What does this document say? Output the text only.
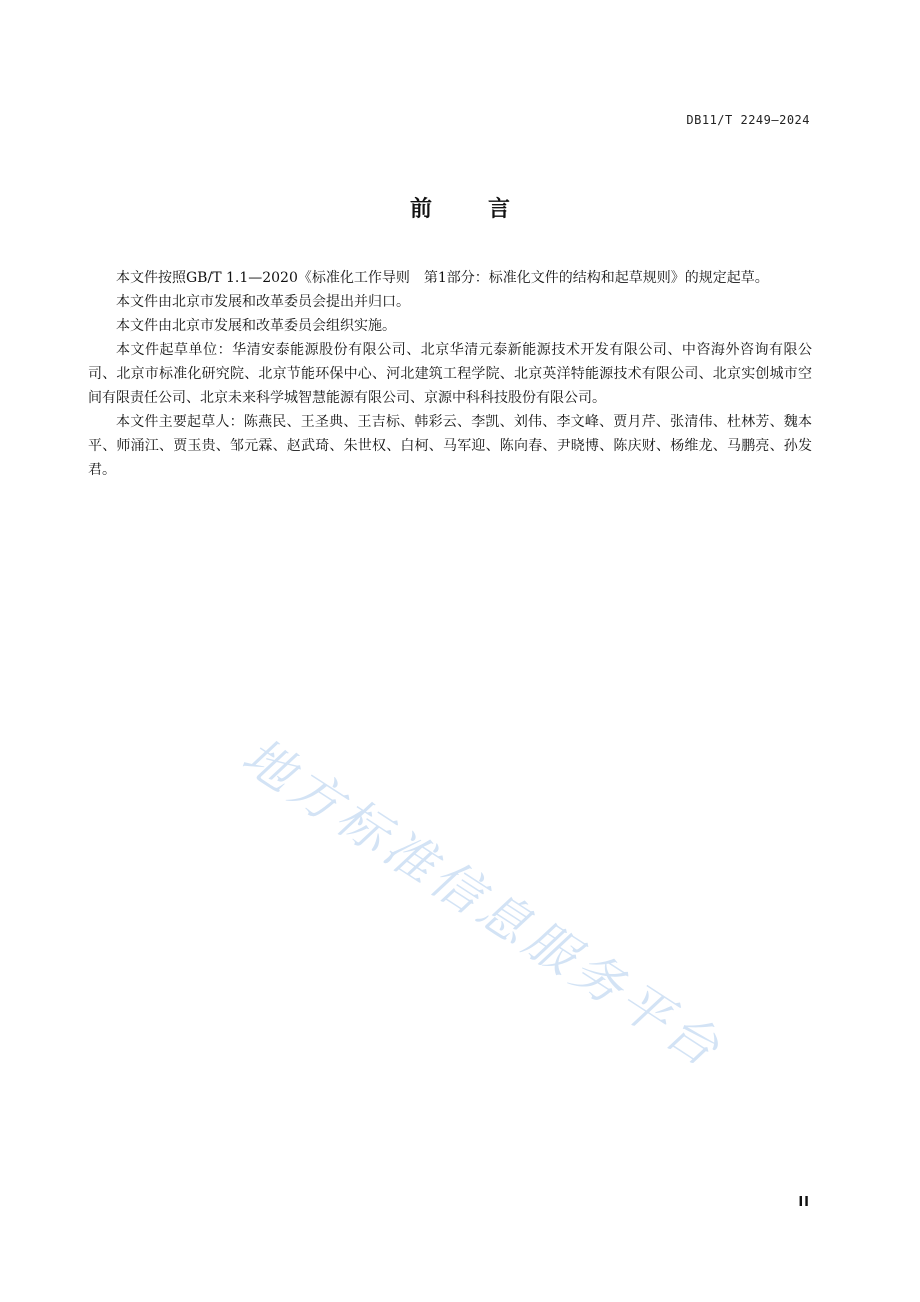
DB11/T 2249—2024
前言

本文件按照GB/T 1.1—2020《标准化工作导则　第1部分：标准化文件的结构和起草规则》的规定起草。

本文件由北京市发展和改革委员会提出并归口。

本文件由北京市发展和改革委员会组织实施。

本文件起草单位：华清安泰能源股份有限公司、北京华清元泰新能源技术开发有限公司、中咨海外咨询有限公司、北京市标准化研究院、北京节能环保中心、河北建筑工程学院、北京英洋特能源技术有限公司、北京实创城市空间有限责任公司、北京未来科学城智慧能源有限公司、京源中科科技股份有限公司。

本文件主要起草人：陈燕民、王圣典、王吉标、韩彩云、李凯、刘伟、李文峰、贾月芹、张清伟、杜林芳、魏本平、师涌江、贾玉贵、邹元霖、赵武琦、朱世权、白柯、马军迎、陈向春、尹晓博、陈庆财、杨维龙、马鹏亮、孙发君。

地方标准信息服务平台
II
